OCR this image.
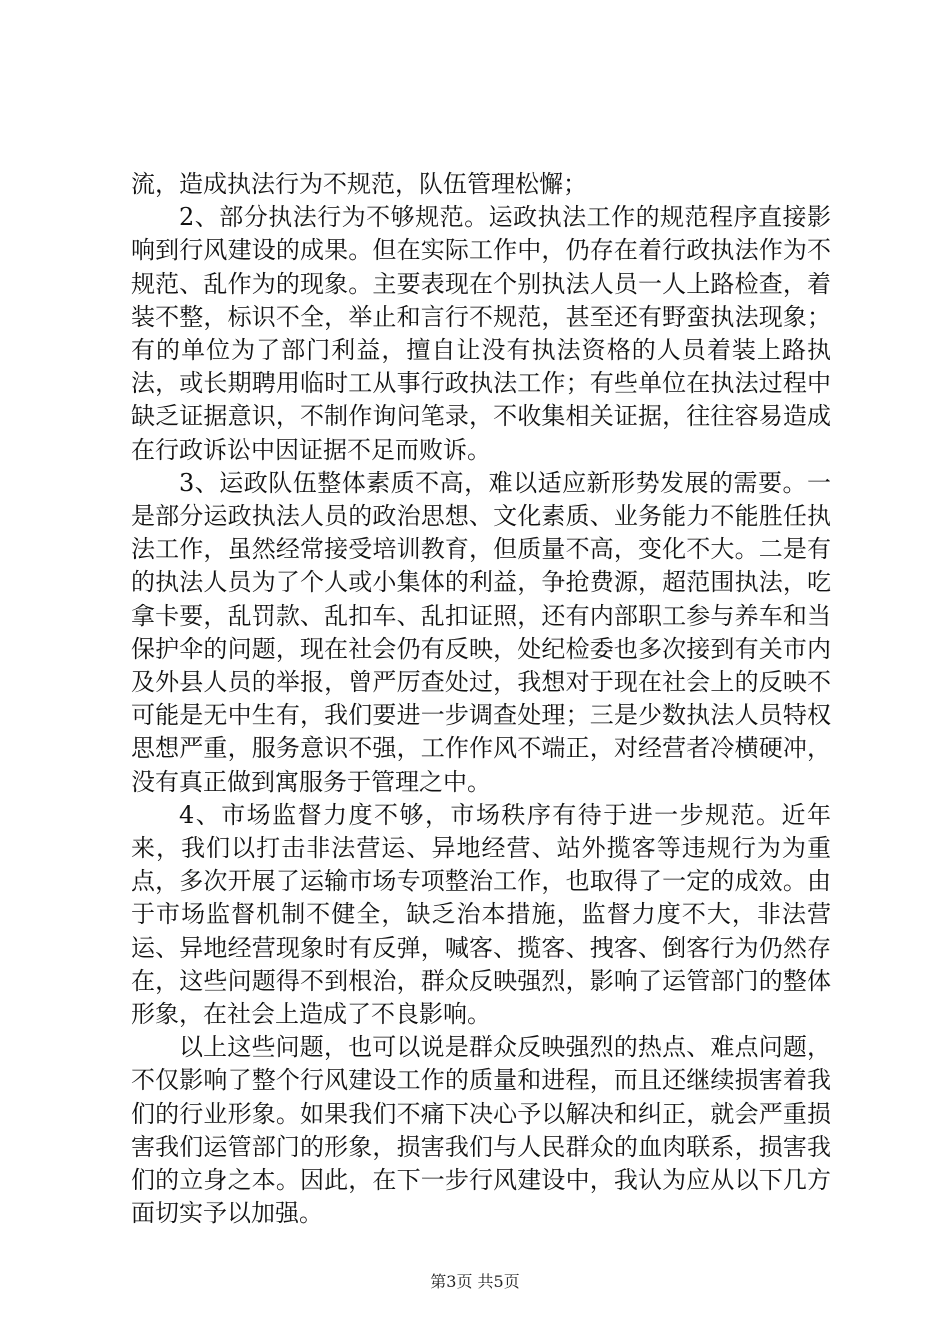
流，造成执法行为不规范，队伍管理松懈；

2、部分执法行为不够规范。运政执法工作的规范程序直接影响到行风建设的成果。但在实际工作中，仍存在着行政执法作为不规范、乱作为的现象。主要表现在个别执法人员一人上路检查，着装不整，标识不全，举止和言行不规范，甚至还有野蛮执法现象；有的单位为了部门利益，擅自让没有执法资格的人员着装上路执法，或长期聘用临时工从事行政执法工作；有些单位在执法过程中缺乏证据意识，不制作询问笔录，不收集相关证据，往往容易造成在行政诉讼中因证据不足而败诉。

3、运政队伍整体素质不高，难以适应新形势发展的需要。一是部分运政执法人员的政治思想、文化素质、业务能力不能胜任执法工作，虽然经常接受培训教育，但质量不高，变化不大。二是有的执法人员为了个人或小集体的利益，争抢费源，超范围执法，吃拿卡要，乱罚款、乱扣车、乱扣证照，还有内部职工参与养车和当保护伞的问题，现在社会仍有反映，处纪检委也多次接到有关市内及外县人员的举报，曾严厉查处过，我想对于现在社会上的反映不可能是无中生有，我们要进一步调查处理；三是少数执法人员特权思想严重，服务意识不强，工作作风不端正，对经营者冷横硬冲，没有真正做到寓服务于管理之中。

4、市场监督力度不够，市场秩序有待于进一步规范。近年来，我们以打击非法营运、异地经营、站外揽客等违规行为为重点，多次开展了运输市场专项整治工作，也取得了一定的成效。由于市场监督机制不健全，缺乏治本措施，监督力度不大，非法营运、异地经营现象时有反弹，喊客、揽客、拽客、倒客行为仍然存在，这些问题得不到根治，群众反映强烈，影响了运管部门的整体形象，在社会上造成了不良影响。

以上这些问题，也可以说是群众反映强烈的热点、难点问题，不仅影响了整个行风建设工作的质量和进程，而且还继续损害着我们的行业形象。如果我们不痛下决心予以解决和纠正，就会严重损害我们运管部门的形象，损害我们与人民群众的血肉联系，损害我们的立身之本。因此，在下一步行风建设中，我认为应从以下几方面切实予以加强。

第3页 共5页
